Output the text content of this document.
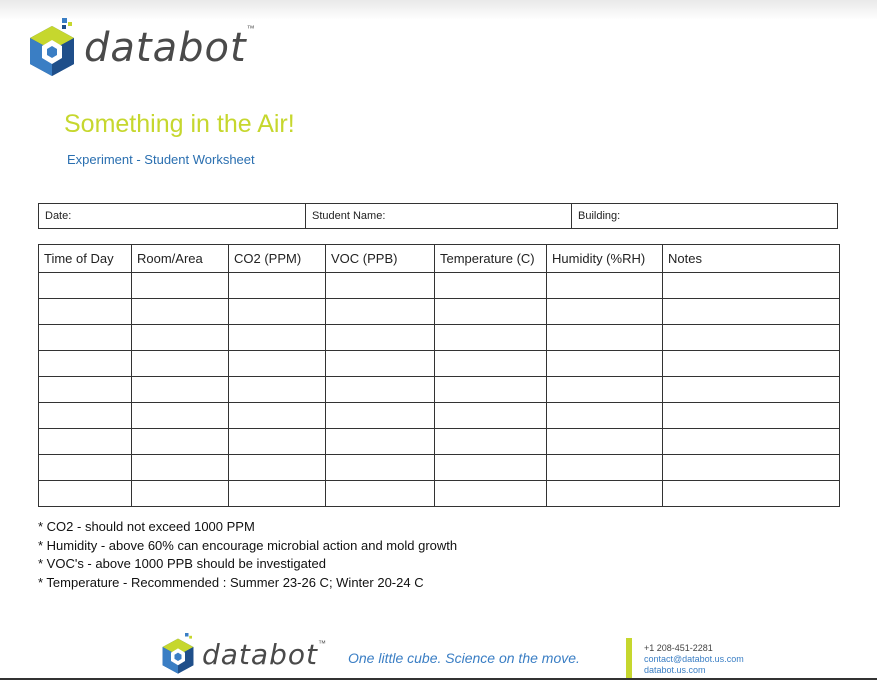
databot ™
Something in the Air!
Experiment - Student Worksheet
Date:	Student Name:	Building:
Time of Day	Room/Area	CO2 (PPM)	VOC (PPB)	Temperature (C)	Humidity (%RH)	Notes

* CO2 - should not exceed 1000 PPM
* Humidity - above 60% can encourage microbial action and mold growth
* VOC's - above 1000 PPB should be investigated
* Temperature - Recommended : Summer 23-26 C; Winter 20-24 C
databot ™
One little cube. Science on the move.
+1 208-451-2281
contact@databot.us.com
databot.us.com
